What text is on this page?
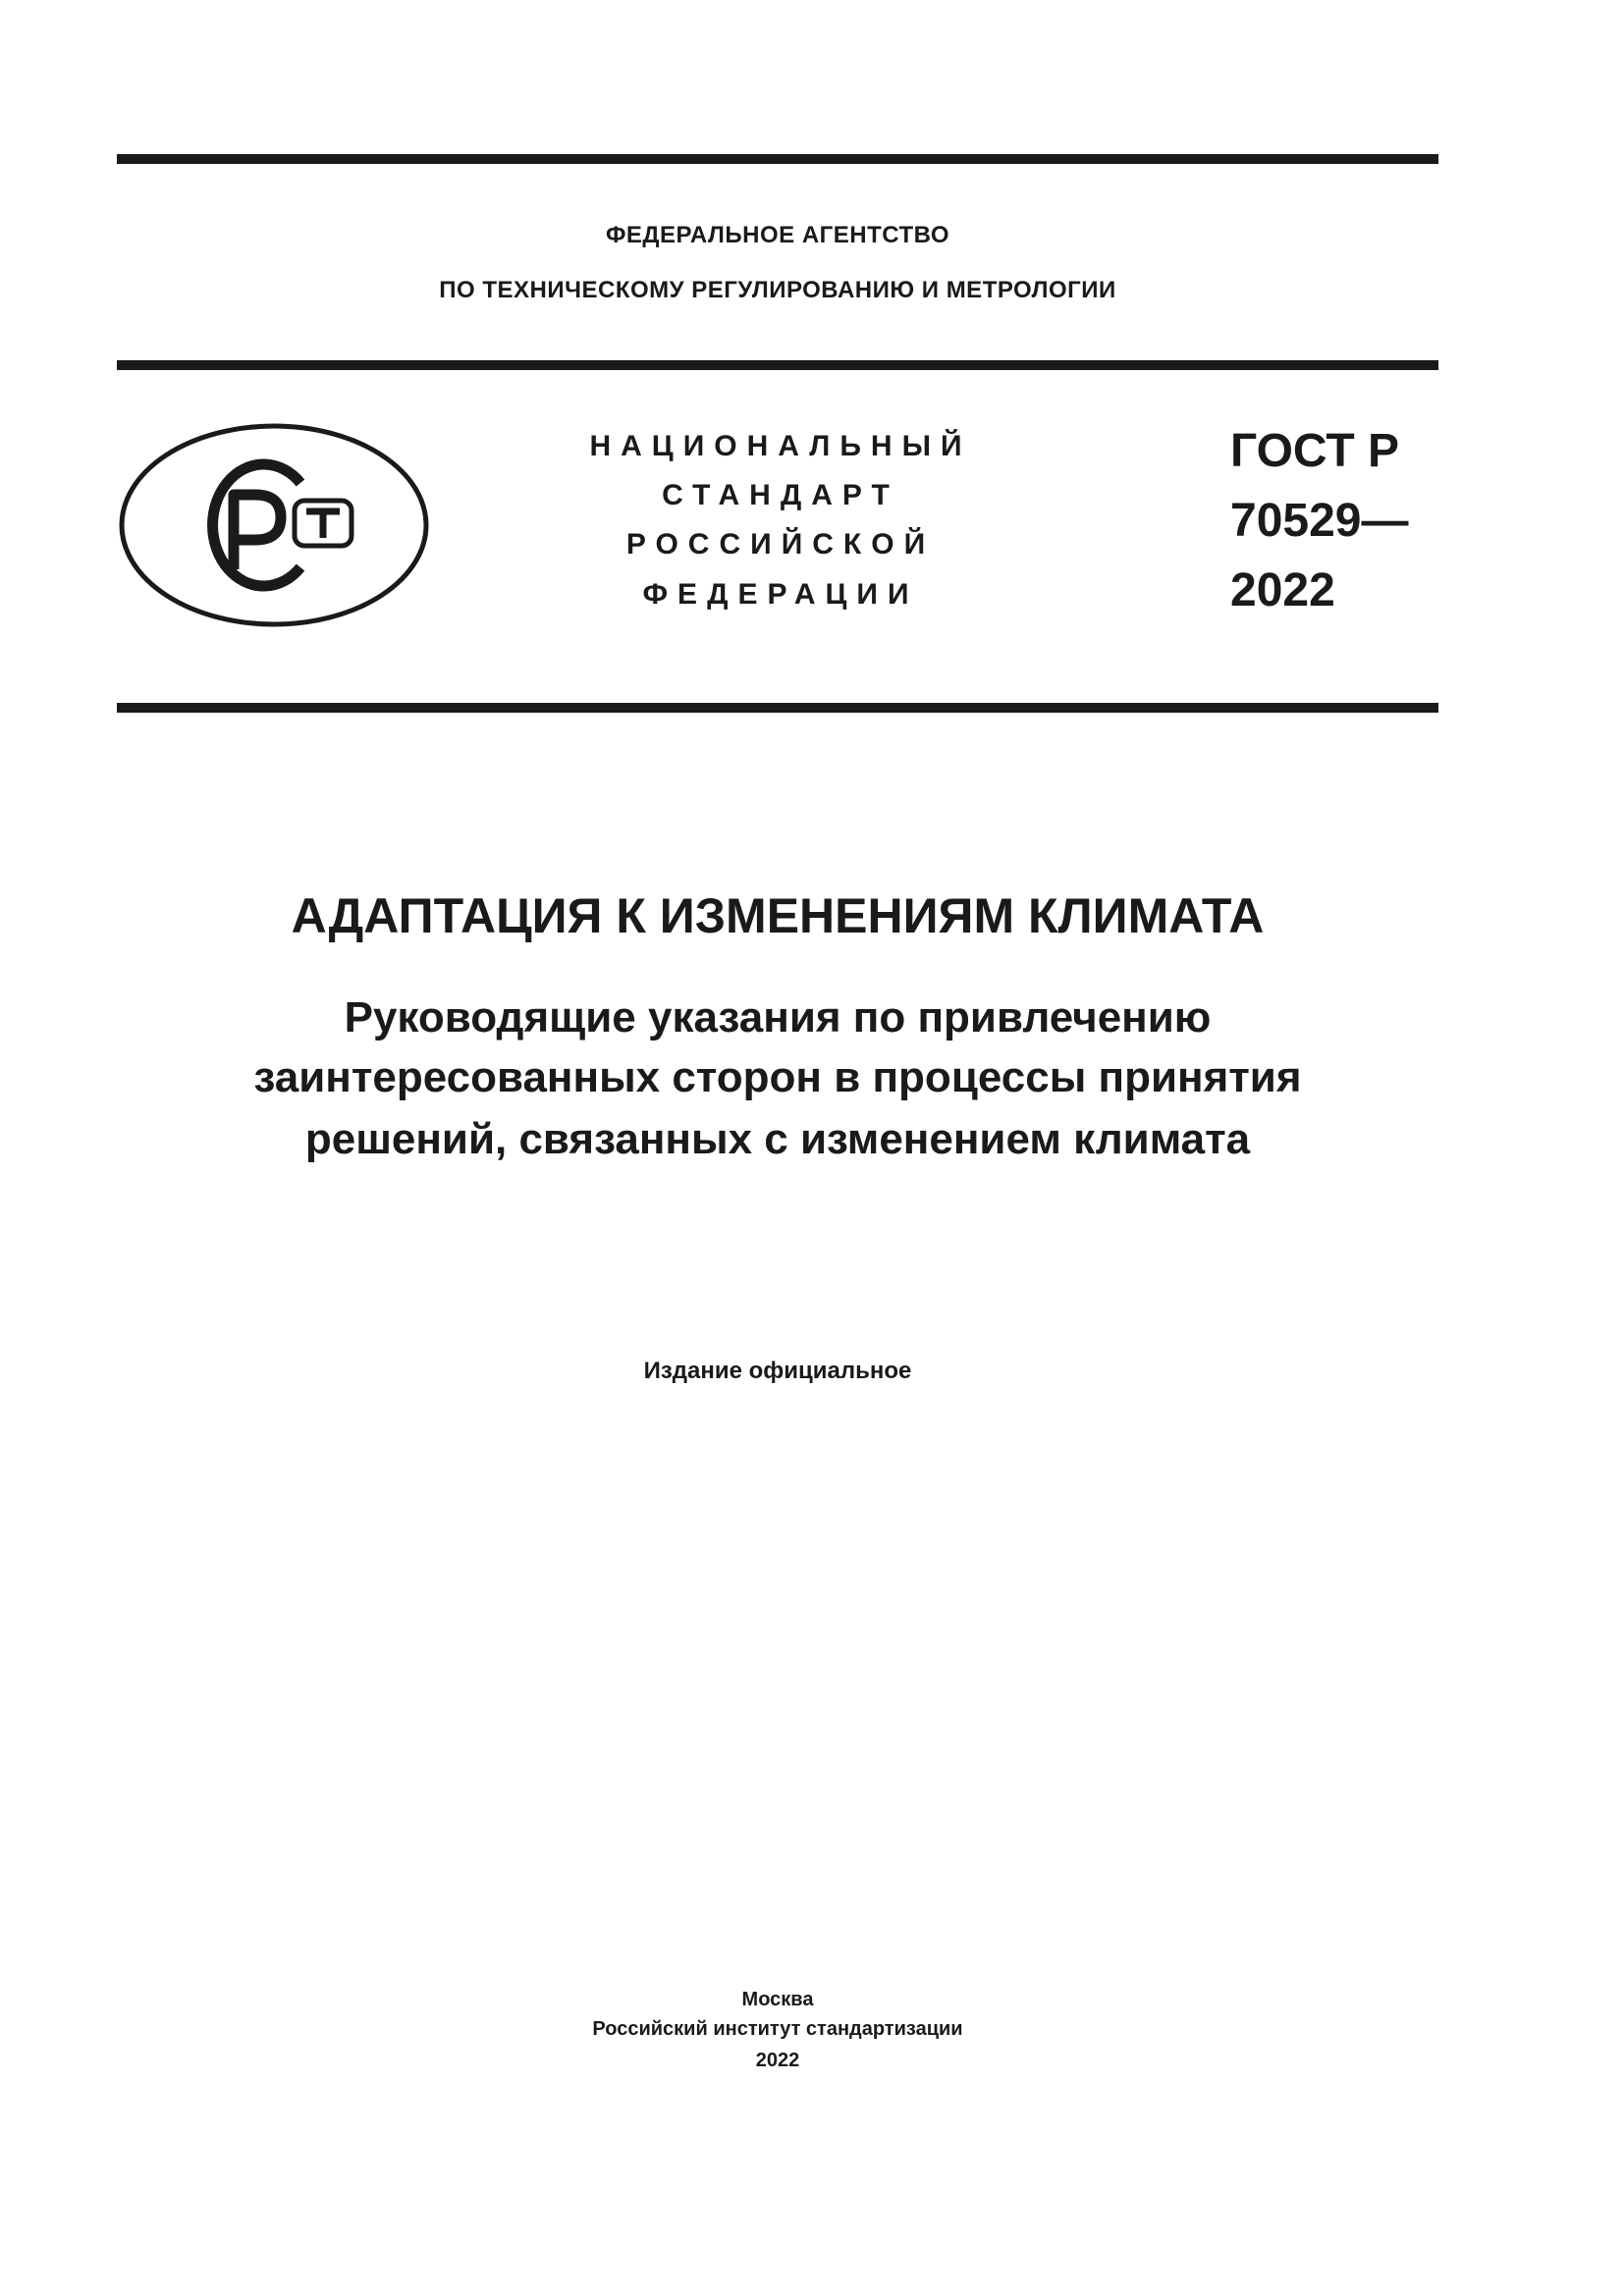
ФЕДЕРАЛЬНОЕ АГЕНТСТВО
ПО ТЕХНИЧЕСКОМУ РЕГУЛИРОВАНИЮ И МЕТРОЛОГИИ
НАЦИОНАЛЬНЫЙ
СТАНДАРТ
РОССИЙСКОЙ
ФЕДЕРАЦИИ
ГОСТ Р
70529—
2022
АДАПТАЦИЯ К ИЗМЕНЕНИЯМ КЛИМАТА
Руководящие указания по привлечению
заинтересованных сторон в процессы принятия
решений, связанных с изменением климата
Издание официальное
Москва
Российский институт стандартизации
2022
